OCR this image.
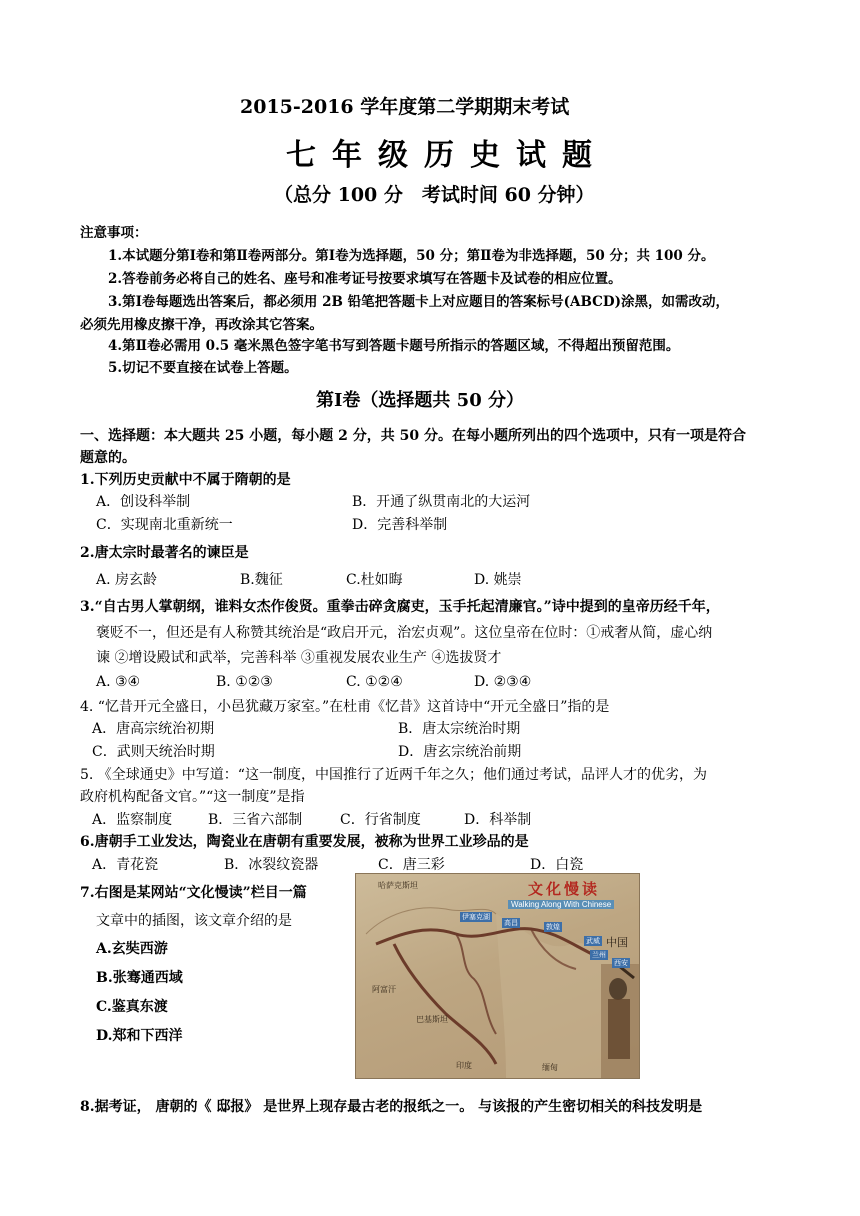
2015-2016 学年度第二学期期末考试
七年级历史试题
（总分 100 分　考试时间 60 分钟）
注意事项：
1.本试题分第Ⅰ卷和第Ⅱ卷两部分。第Ⅰ卷为选择题，50 分；第Ⅱ卷为非选择题，50 分；共 100 分。
2.答卷前务必将自己的姓名、座号和准考证号按要求填写在答题卡及试卷的相应位置。
3.第Ⅰ卷每题选出答案后，都必须用 2B 铅笔把答题卡上对应题目的答案标号(ABCD)涂黑，如需改动，
必须先用橡皮擦干净，再改涂其它答案。
4.第Ⅱ卷必需用 0.5 毫米黑色签字笔书写到答题卡题号所指示的答题区域，不得超出预留范围。
5.切记不要直接在试卷上答题。
第Ⅰ卷（选择题共 50 分）
一、选择题：本大题共 25 小题，每小题 2 分，共 50 分。在每小题所列出的四个选项中，只有一项是符合
题意的。
1.下列历史贡献中不属于隋朝的是
A．创设科举制	B．开通了纵贯南北的大运河
C．实现南北重新统一	D．完善科举制
2.唐太宗时最著名的谏臣是
A. 房玄龄	B.魏征	C.杜如晦	D. 姚崇
3.“自古男人掌朝纲，谁料女杰作俊贤。重拳击碎贪腐吏，玉手托起清廉官。”诗中提到的皇帝历经千年，
褒贬不一，但还是有人称赞其统治是“政启开元，治宏贞观”。这位皇帝在位时：①戒奢从简，虚心纳
谏 ②增设殿试和武举，完善科举 ③重视发展农业生产 ④选拔贤才
A. ③④	B. ①②③	C. ①②④	D. ②③④
4. “忆昔开元全盛日，小邑犹藏万家室。”在杜甫《忆昔》这首诗中“开元全盛日”指的是
A．唐高宗统治初期	B．唐太宗统治时期
C．武则天统治时期	D．唐玄宗统治前期
5. 《全球通史》中写道：“这一制度，中国推行了近两千年之久；他们通过考试，品评人才的优劣，为
政府机构配备文官。”“这一制度”是指
A．监察制度	B．三省六部制	C．行省制度	D．科举制
6.唐朝手工业发达，陶瓷业在唐朝有重要发展，被称为世界工业珍品的是
A．青花瓷	B．冰裂纹瓷器	C．唐三彩	D．白瓷
7.右图是某网站“文化慢读”栏目一篇
文章中的插图，该文章介绍的是
A.玄奘西游
B.张骞通西域
C.鉴真东渡
D.郑和下西洋
文化慢读
Walking Along With Chinese
中国
哈萨克斯坦
阿富汗
巴基斯坦
印度	缅甸
伊塞克湖
敦煌
高昌
武威
兰州
西安
8.据考证， 唐朝的《 邸报》 是世界上现存最古老的报纸之一。 与该报的产生密切相关的科技发明是
